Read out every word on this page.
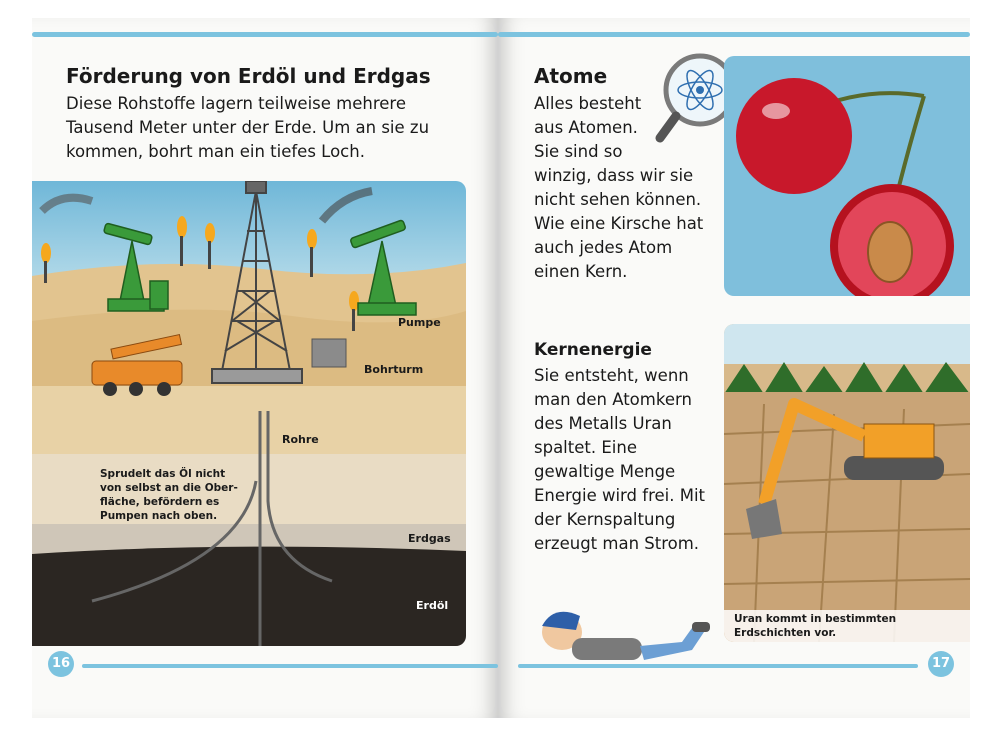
Förderung von Erdöl und Erdgas

Diese Rohstoffe lagern teilweise mehrere
Tausend Meter unter der Erde. Um an sie zu
kommen, bohrt man ein tiefes Loch.

Pumpe
Bohrturm
Rohre
Erdgas
Erdöl
Sprudelt das Öl nicht
von selbst an die Ober-
fläche, befördern es
Pumpen nach oben.
16
Atome

Alles besteht
aus Atomen.
Sie sind so
winzig, dass wir sie
nicht sehen können.
Wie eine Kirsche hat
auch jedes Atom
einen Kern.

Kernenergie

Sie entsteht, wenn
man den Atomkern
des Metalls Uran
spaltet. Eine
gewaltige Menge
Energie wird frei. Mit
der Kernspaltung
erzeugt man Strom.

Uran kommt in bestimmten
Erdschichten vor.
17
